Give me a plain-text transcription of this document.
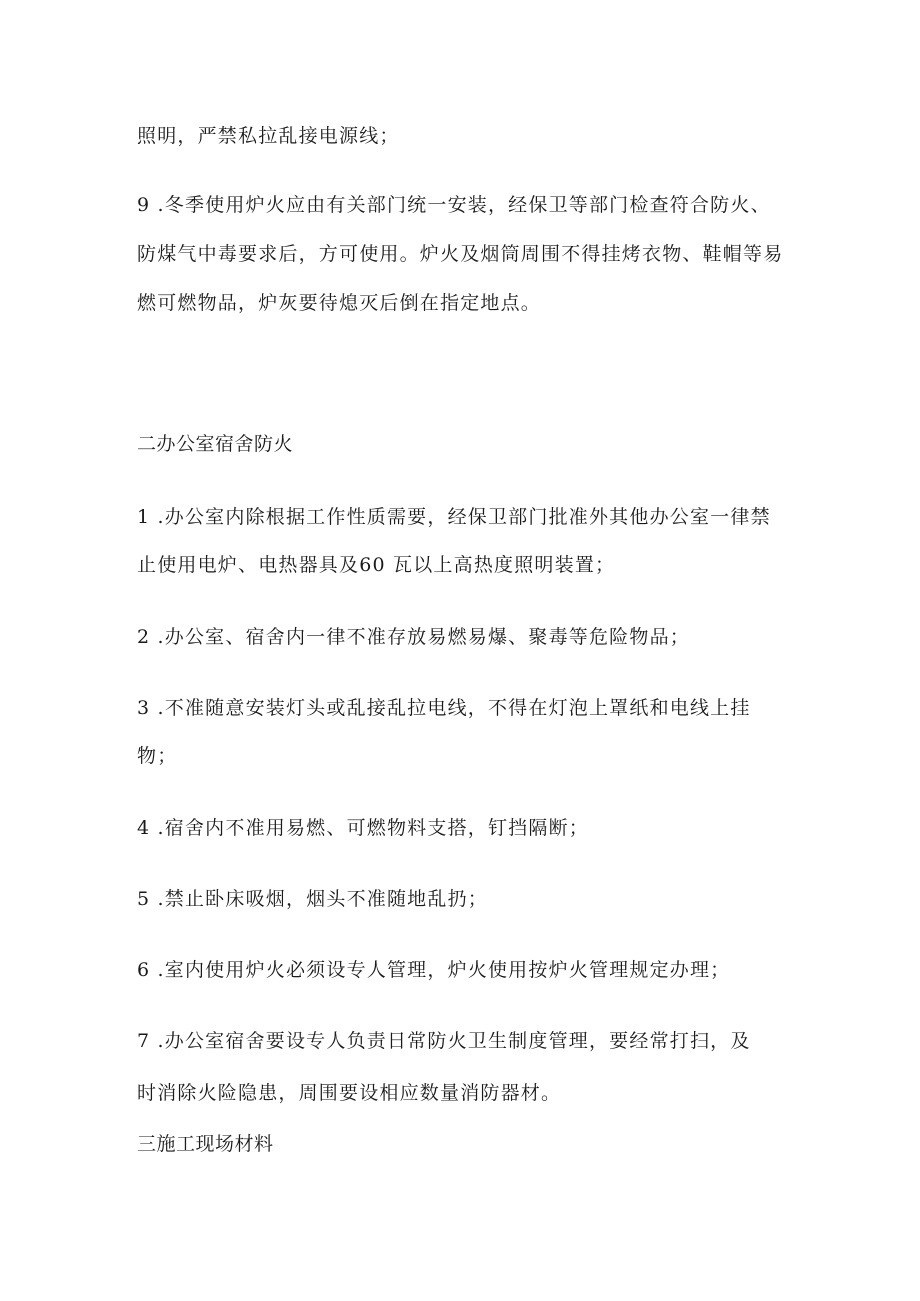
照明，严禁私拉乱接电源线；
9 .冬季使用炉火应由有关部门统一安装，经保卫等部门检查符合防火、
防煤气中毒要求后，方可使用。炉火及烟筒周围不得挂烤衣物、鞋帽等易
燃可燃物品，炉灰要待熄灭后倒在指定地点。
二办公室宿舍防火
1 .办公室内除根据工作性质需要，经保卫部门批准外其他办公室一律禁
止使用电炉、电热器具及60 瓦以上高热度照明装置；
2 .办公室、宿舍内一律不准存放易燃易爆、聚毒等危险物品；
3 .不准随意安装灯头或乱接乱拉电线，不得在灯泡上罩纸和电线上挂
物；
4 .宿舍内不准用易燃、可燃物料支搭，钉挡隔断；
5 .禁止卧床吸烟，烟头不准随地乱扔；
6 .室内使用炉火必须设专人管理，炉火使用按炉火管理规定办理；
7 .办公室宿舍要设专人负责日常防火卫生制度管理，要经常打扫，及
时消除火险隐患，周围要设相应数量消防器材。
三施工现场材料
